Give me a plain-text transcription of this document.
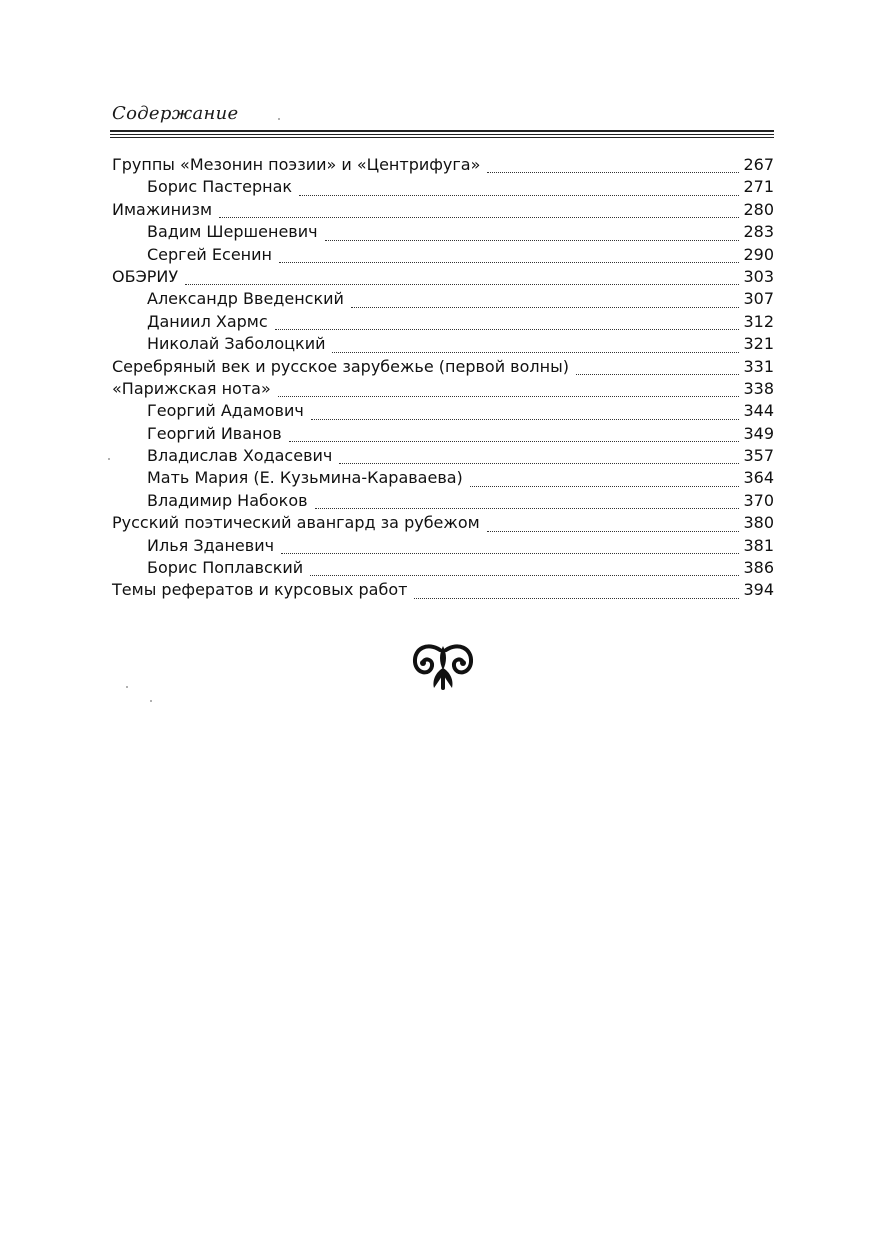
Содержание
Группы «Мезонин поэзии» и «Центрифуга»	267
Борис Пастернак	271
Имажинизм	280
Вадим Шершеневич	283
Сергей Есенин	290
ОБЭРИУ	303
Александр Введенский	307
Даниил Хармс	312
Николай Заболоцкий	321
Серебряный век и русское зарубежье (первой волны)	331
«Парижская нота»	338
Георгий Адамович	344
Георгий Иванов	349
Владислав Ходасевич	357
Мать Мария (Е. Кузьмина-Караваева)	364
Владимир Набоков	370
Русский поэтический авангард за рубежом	380
Илья Зданевич	381
Борис Поплавский	386
Темы рефератов и курсовых работ	394
